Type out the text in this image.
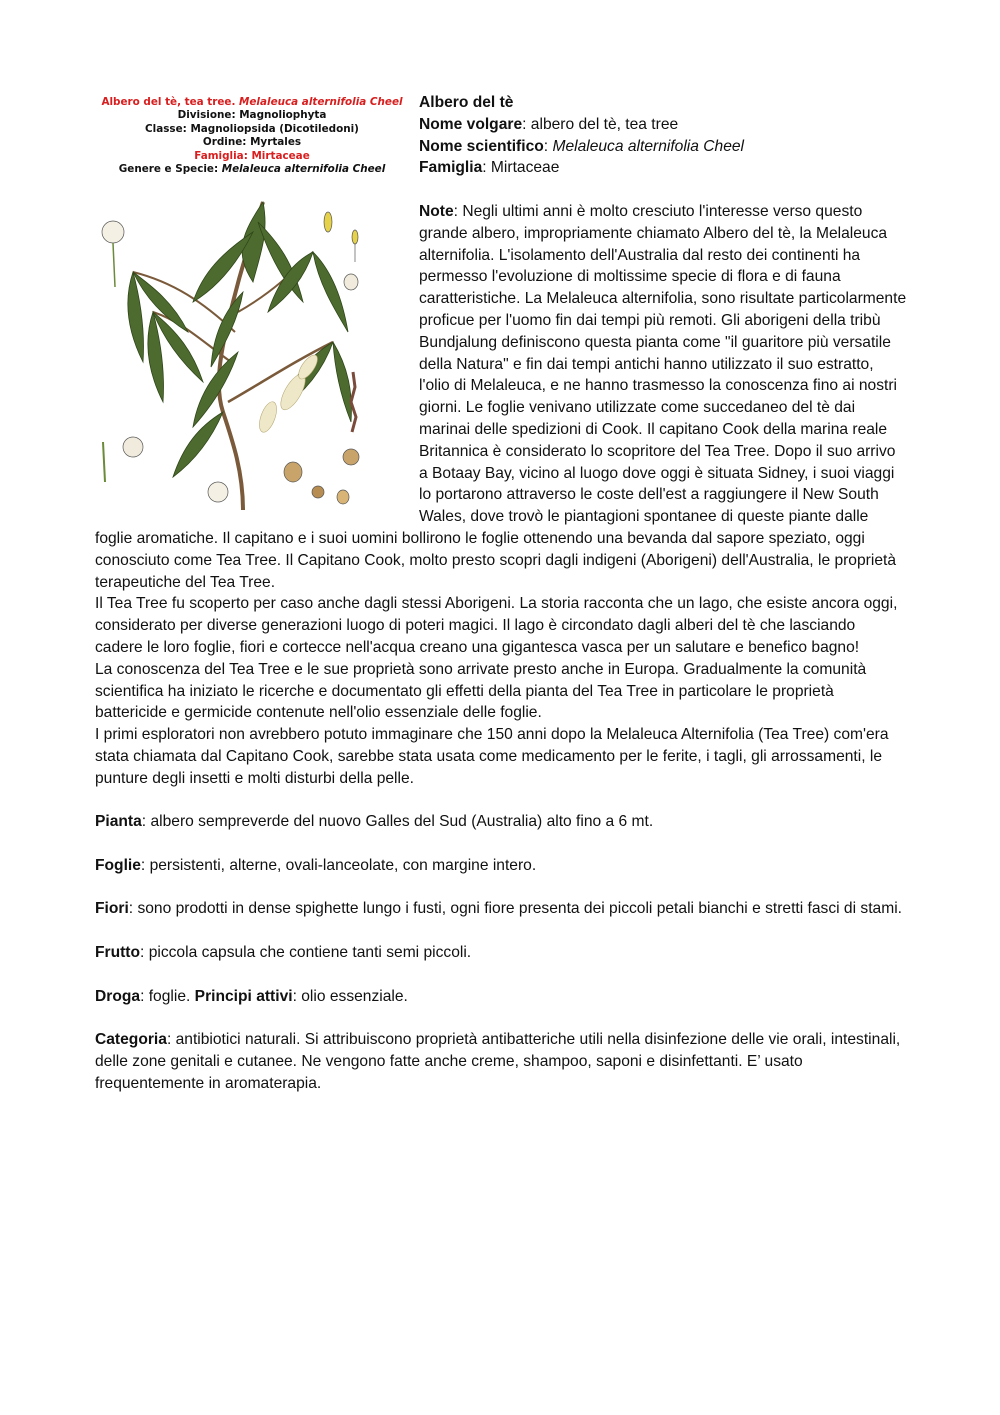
Albero del tè, tea tree. Melaleuca alternifolia Cheel
Divisione: Magnoliophyta
Classe: Magnoliopsida (Dicotiledoni)
Ordine: Myrtales
Famiglia: Mirtaceae
Genere e Specie: Melaleuca alternifolia Cheel

Albero del tè

Nome volgare: albero del tè, tea tree

Nome scientifico: Melaleuca alternifolia Cheel

Famiglia: Mirtaceae

Note: Negli ultimi anni è molto cresciuto l'interesse verso questo grande albero, impropriamente chiamato Albero del tè, la Melaleuca alternifolia. L'isolamento dell'Australia dal resto dei continenti ha permesso l'evoluzione di moltissime specie di flora e di fauna caratteristiche. La Melaleuca alternifolia, sono risultate particolarmente proficue per l'uomo fin dai tempi più remoti. Gli aborigeni della tribù Bundjalung definiscono questa pianta come "il guaritore più versatile della Natura" e fin dai tempi antichi hanno utilizzato il suo estratto, l'olio di Melaleuca, e ne hanno trasmesso la conoscenza fino ai nostri giorni. Le foglie venivano utilizzate come succedaneo del tè dai marinai delle spedizioni di Cook. Il capitano Cook della marina reale Britannica è considerato lo scopritore del Tea Tree. Dopo il suo arrivo a Botaay Bay, vicino al luogo dove oggi è situata Sidney, i suoi viaggi lo portarono attraverso le coste dell'est a raggiungere il New South Wales, dove trovò le piantagioni spontanee di queste piante dalle foglie aromatiche. Il capitano e i suoi uomini bollirono le foglie ottenendo una bevanda dal sapore speziato, oggi conosciuto come Tea Tree. Il Capitano Cook, molto presto scopri dagli indigeni (Aborigeni) dell'Australia, le proprietà terapeutiche del Tea Tree.

Il Tea Tree fu scoperto per caso anche dagli stessi Aborigeni. La storia racconta che un lago, che esiste ancora oggi, considerato per diverse generazioni luogo di poteri magici. Il lago è circondato dagli alberi del tè che lasciando cadere le loro foglie, fiori e cortecce nell'acqua creano una gigantesca vasca per un salutare e benefico bagno!

La conoscenza del Tea Tree e le sue proprietà sono arrivate presto anche in Europa. Gradualmente la comunità scientifica ha iniziato le ricerche e documentato gli effetti della pianta del Tea Tree in particolare le proprietà battericide e germicide contenute nell'olio essenziale delle foglie.

I primi esploratori non avrebbero potuto immaginare che 150 anni dopo la Melaleuca Alternifolia (Tea Tree) com'era stata chiamata dal Capitano Cook, sarebbe stata usata come medicamento per le ferite, i tagli, gli arrossamenti, le punture degli insetti e molti disturbi della pelle.

Pianta: albero sempreverde del nuovo Galles del Sud (Australia) alto fino a 6 mt.

Foglie: persistenti, alterne, ovali-lanceolate, con margine intero.

Fiori: sono prodotti in dense spighette lungo i fusti, ogni fiore presenta dei piccoli petali bianchi e stretti fasci di stami.

Frutto: piccola capsula che contiene tanti semi piccoli.

Droga: foglie. Principi attivi: olio essenziale.

Categoria: antibiotici naturali. Si attribuiscono proprietà antibatteriche utili nella disinfezione delle vie orali, intestinali, delle zone genitali e cutanee. Ne vengono fatte anche creme, shampoo, saponi e disinfettanti. E’ usato frequentemente in aromaterapia.
